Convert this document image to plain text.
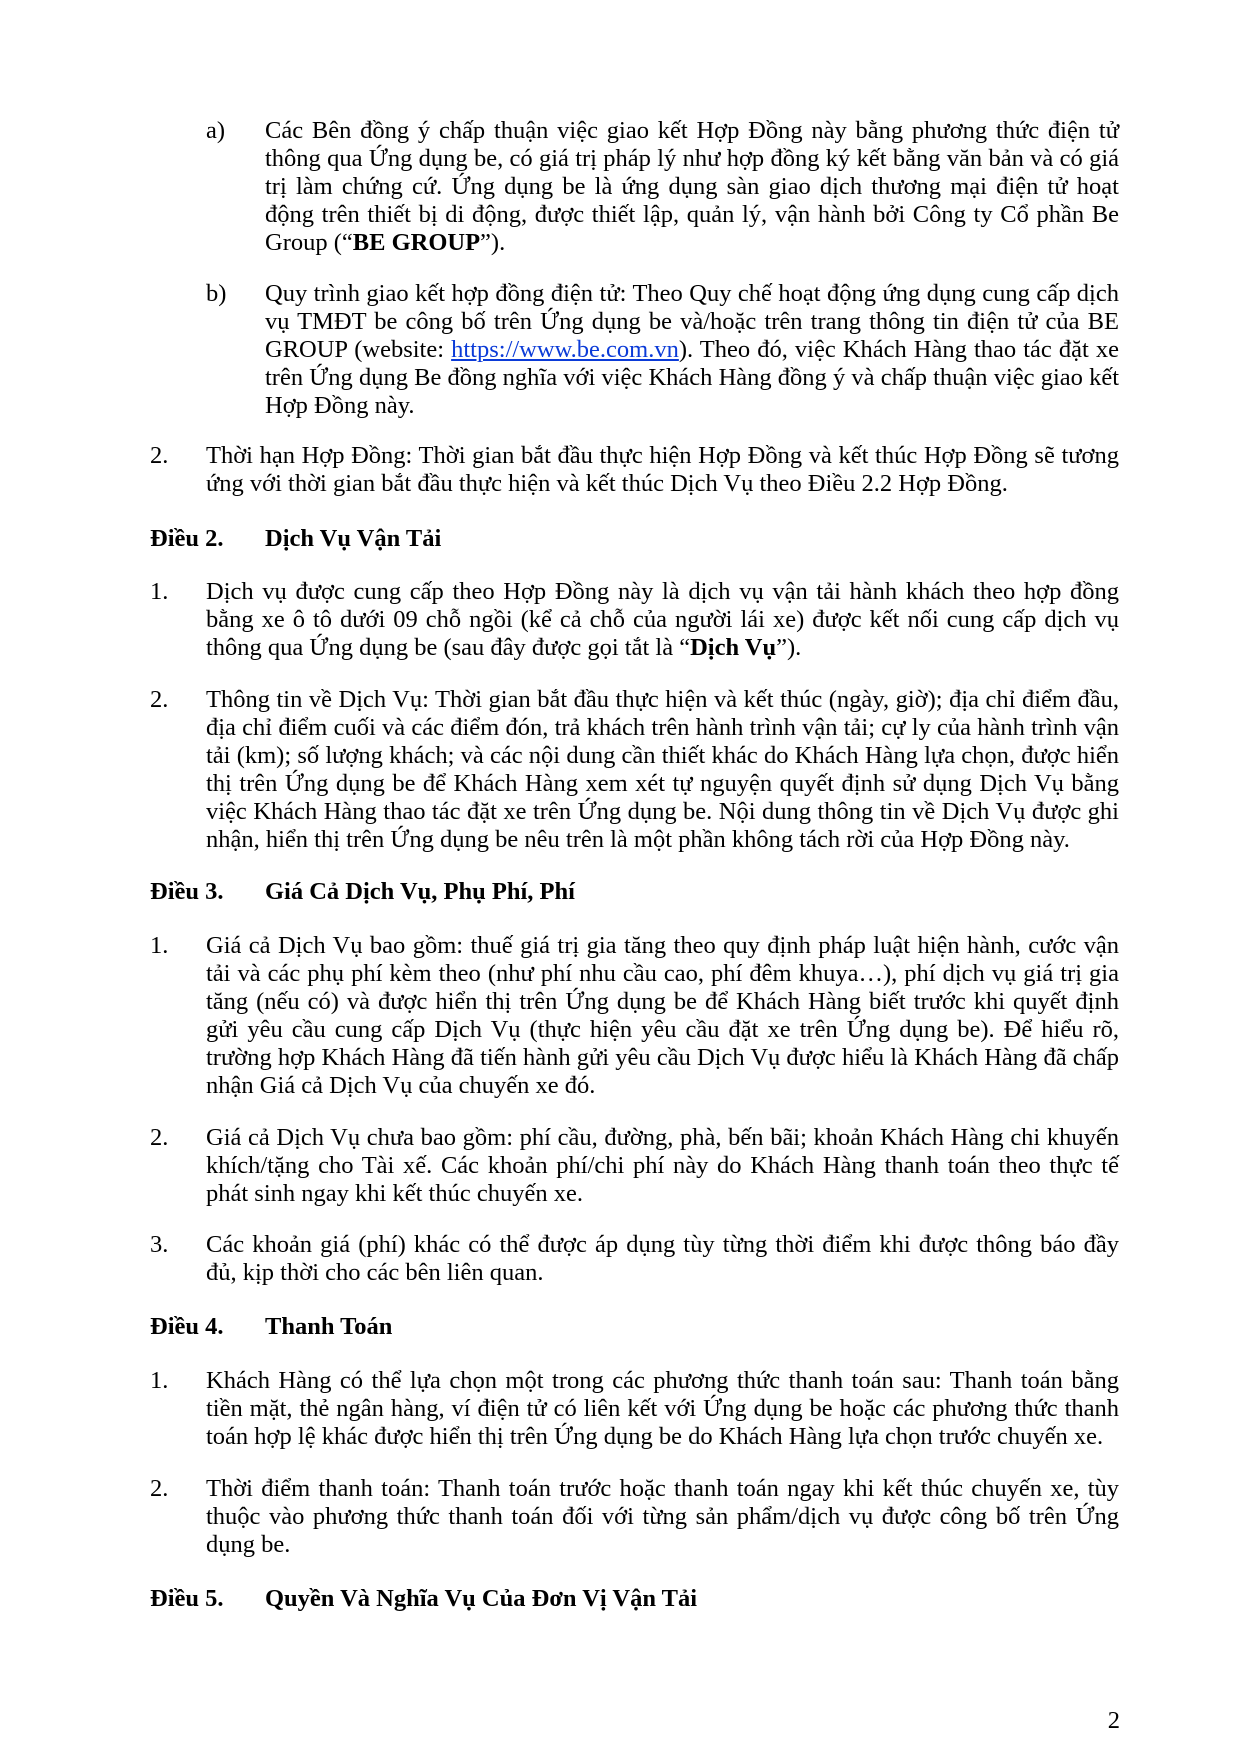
a) Các Bên đồng ý chấp thuận việc giao kết Hợp Đồng này bằng phương thức điện tử thông qua Ứng dụng be, có giá trị pháp lý như hợp đồng ký kết bằng văn bản và có giá trị làm chứng cứ. Ứng dụng be là ứng dụng sàn giao dịch thương mại điện tử hoạt động trên thiết bị di động, được thiết lập, quản lý, vận hành bởi Công ty Cổ phần Be Group (“BE GROUP”).
b) Quy trình giao kết hợp đồng điện tử: Theo Quy chế hoạt động ứng dụng cung cấp dịch vụ TMĐT be công bố trên Ứng dụng be và/hoặc trên trang thông tin điện tử của BE GROUP (website: https://www.be.com.vn). Theo đó, việc Khách Hàng thao tác đặt xe trên Ứng dụng Be đồng nghĩa với việc Khách Hàng đồng ý và chấp thuận việc giao kết Hợp Đồng này.
2. Thời hạn Hợp Đồng: Thời gian bắt đầu thực hiện Hợp Đồng và kết thúc Hợp Đồng sẽ tương ứng với thời gian bắt đầu thực hiện và kết thúc Dịch Vụ theo Điều 2.2 Hợp Đồng.
Điều 2. Dịch Vụ Vận Tải
1. Dịch vụ được cung cấp theo Hợp Đồng này là dịch vụ vận tải hành khách theo hợp đồng bằng xe ô tô dưới 09 chỗ ngồi (kể cả chỗ của người lái xe) được kết nối cung cấp dịch vụ thông qua Ứng dụng be (sau đây được gọi tắt là “Dịch Vụ”).
2. Thông tin về Dịch Vụ: Thời gian bắt đầu thực hiện và kết thúc (ngày, giờ); địa chỉ điểm đầu, địa chỉ điểm cuối và các điểm đón, trả khách trên hành trình vận tải; cự ly của hành trình vận tải (km); số lượng khách; và các nội dung cần thiết khác do Khách Hàng lựa chọn, được hiển thị trên Ứng dụng be để Khách Hàng xem xét tự nguyện quyết định sử dụng Dịch Vụ bằng việc Khách Hàng thao tác đặt xe trên Ứng dụng be. Nội dung thông tin về Dịch Vụ được ghi nhận, hiển thị trên Ứng dụng be nêu trên là một phần không tách rời của Hợp Đồng này.
Điều 3. Giá Cả Dịch Vụ, Phụ Phí, Phí
1. Giá cả Dịch Vụ bao gồm: thuế giá trị gia tăng theo quy định pháp luật hiện hành, cước vận tải và các phụ phí kèm theo (như phí nhu cầu cao, phí đêm khuya…), phí dịch vụ giá trị gia tăng (nếu có) và được hiển thị trên Ứng dụng be để Khách Hàng biết trước khi quyết định gửi yêu cầu cung cấp Dịch Vụ (thực hiện yêu cầu đặt xe trên Ứng dụng be). Để hiểu rõ, trường hợp Khách Hàng đã tiến hành gửi yêu cầu Dịch Vụ được hiểu là Khách Hàng đã chấp nhận Giá cả Dịch Vụ của chuyến xe đó.
2. Giá cả Dịch Vụ chưa bao gồm: phí cầu, đường, phà, bến bãi; khoản Khách Hàng chi khuyến khích/tặng cho Tài xế. Các khoản phí/chi phí này do Khách Hàng thanh toán theo thực tế phát sinh ngay khi kết thúc chuyến xe.
3. Các khoản giá (phí) khác có thể được áp dụng tùy từng thời điểm khi được thông báo đầy đủ, kịp thời cho các bên liên quan.
Điều 4. Thanh Toán
1. Khách Hàng có thể lựa chọn một trong các phương thức thanh toán sau: Thanh toán bằng tiền mặt, thẻ ngân hàng, ví điện tử có liên kết với Ứng dụng be hoặc các phương thức thanh toán hợp lệ khác được hiển thị trên Ứng dụng be do Khách Hàng lựa chọn trước chuyến xe.
2. Thời điểm thanh toán: Thanh toán trước hoặc thanh toán ngay khi kết thúc chuyến xe, tùy thuộc vào phương thức thanh toán đối với từng sản phẩm/dịch vụ được công bố trên Ứng dụng be.
Điều 5. Quyền Và Nghĩa Vụ Của Đơn Vị Vận Tải
2
